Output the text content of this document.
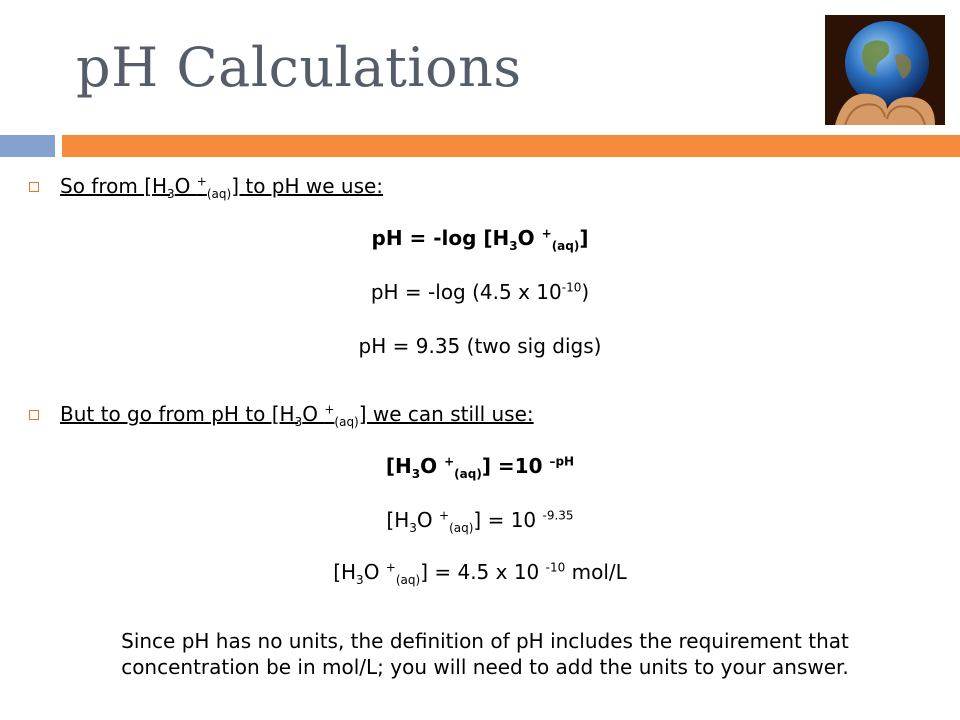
pH Calculations
So from [$H_3O$ +$_{(aq)}$] to pH we use:
pH = -log [$H_3O$ +$_{(aq)}$]
pH = -log (4.5 x $10^{-10}$)
pH = 9.35 (two sig digs)
But to go from pH to [$H_3O$ +$_{(aq)}$] we can still use:
[$H_3O$ +$_{(aq)}$] =10 $^{-pH}$
[$H_3O$ +$_{(aq)}$] = 10 $^{-9.35}$
[$H_3O$ +$_{(aq)}$] = 4.5 x 10 $^{-10}$ mol/L
Since pH has no units, the definition of pH includes the requirement that concentration be in mol/L; you will need to add the units to your answer.
